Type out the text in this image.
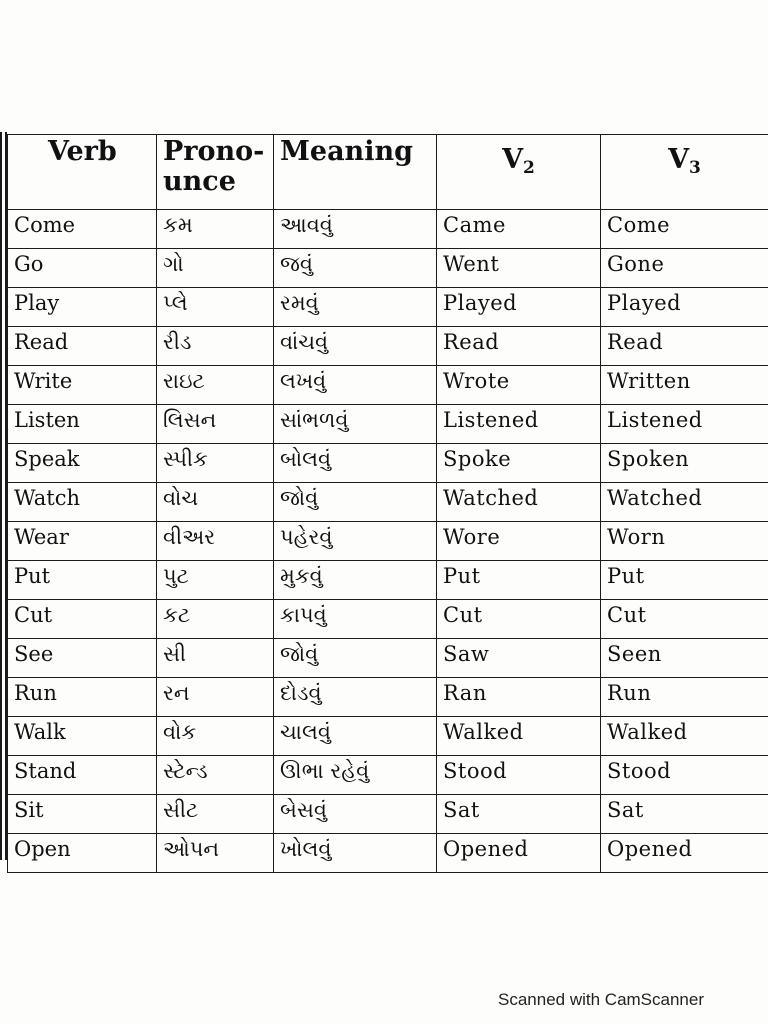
Verb	Prono-unce	Meaning	$V_2$	$V_3$
Come	કમ	આવવું	Came	Come
Go	ગો	જવું	Went	Gone
Play	પ્લે	રમવું	Played	Played
Read	રીડ	વાંચવું	Read	Read
Write	રાઇટ	લખવું	Wrote	Written
Listen	લિસન	સાંભળવું	Listened	Listened
Speak	સ્પીક	બોલવું	Spoke	Spoken
Watch	વોચ	જોવું	Watched	Watched
Wear	વીઅર	પહેરવું	Wore	Worn
Put	પુટ	મુકવું	Put	Put
Cut	કટ	કાપવું	Cut	Cut
See	સી	જોવું	Saw	Seen
Run	રન	દોડવું	Ran	Run
Walk	વોક	ચાલવું	Walked	Walked
Stand	સ્ટેન્ડ	ઊભા રહેવું	Stood	Stood
Sit	સીટ	બેસવું	Sat	Sat
Open	ઓપન	ખોલવું	Opened	Opened
Scanned with CamScanner
